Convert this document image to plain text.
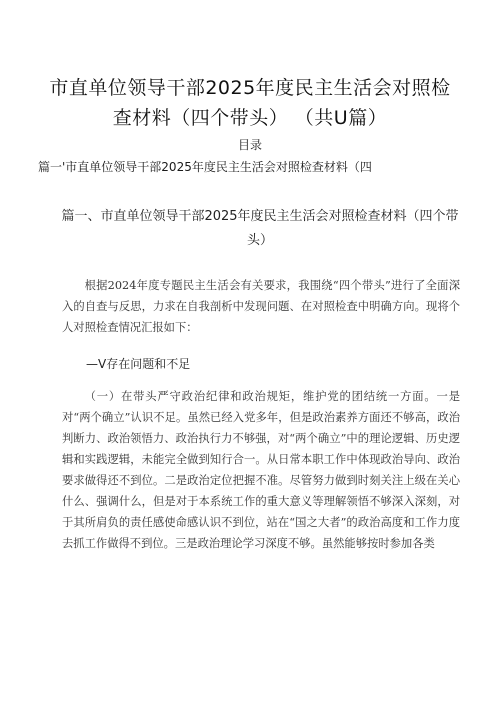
市直单位领导干部2025年度民主生活会对照检
查材料（四个带头） （共U篇）
目录
篇一'市直单位领导干部2025年度民主生活会对照检查材料（四
篇一、市直单位领导干部2025年度民主生活会对照检查材料（四个带头）
根据2024年度专题民主生活会有关要求，我围绕“四个带头”进行了全面深入的自查与反思，力求在自我剖析中发现问题、在对照检查中明确方向。现将个人对照检查情况汇报如下：
—V存在问题和不足
（一）在带头严守政治纪律和政治规矩，维护党的团结统一方面。一是对“两个确立”认识不足。虽然已经入党多年，但是政治素养方面还不够高，政治判断力、政治领悟力、政治执行力不够强，对“两个确立”中的理论逻辑、历史逻辑和实践逻辑，未能完全做到知行合一。从日常本职工作中体现政治导向、政治要求做得还不到位。二是政治定位把握不准。尽管努力做到时刻关注上级在关心什么、强调什么，但是对于本系统工作的重大意义等理解领悟不够深入深刻，对于其所肩负的责任感使命感认识不到位，站在“国之大者”的政治高度和工作力度去抓工作做得不到位。三是政治理论学习深度不够。虽然能够按时参加各类
